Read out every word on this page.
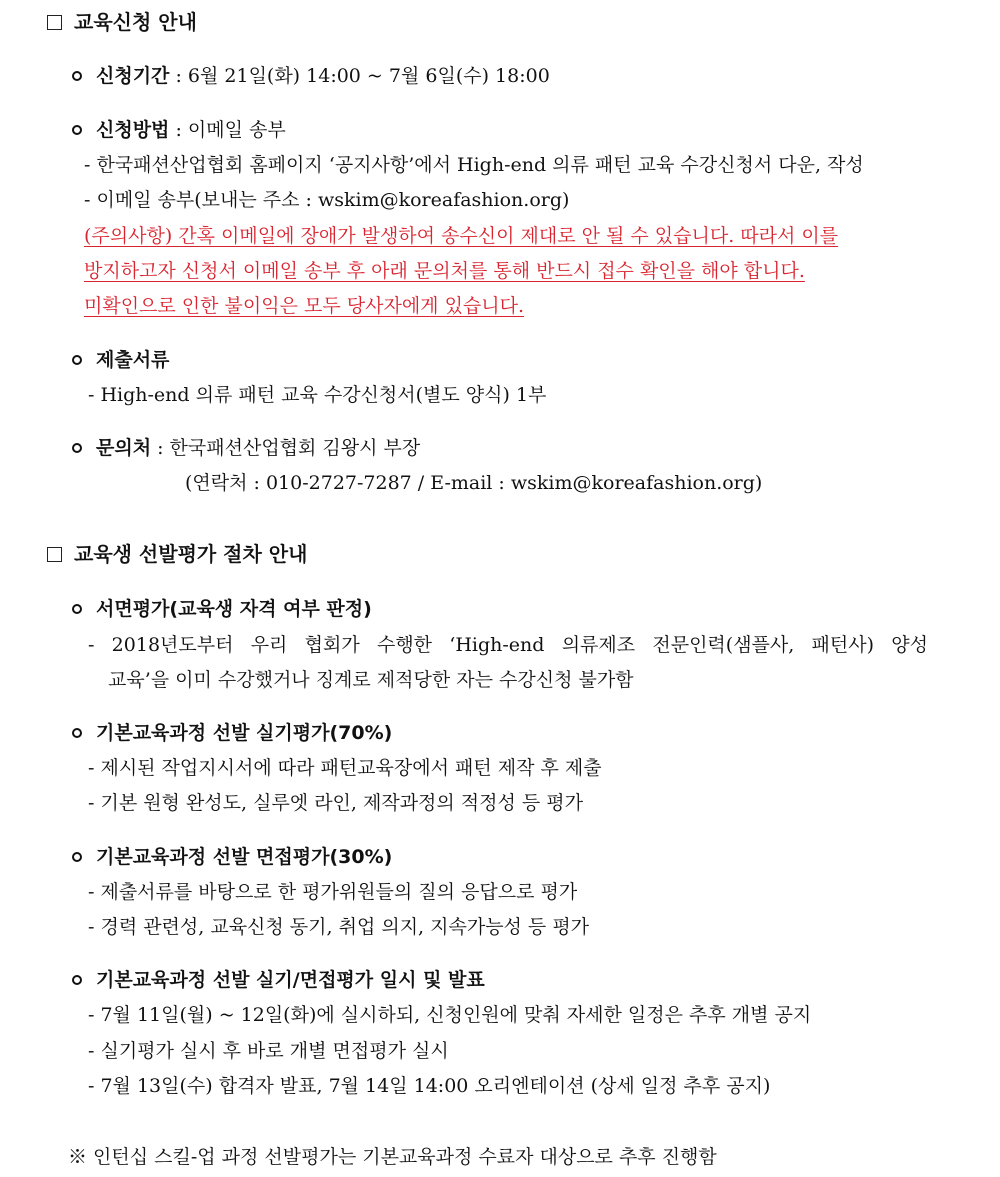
교육신청 안내
신청기간 : 6월 21일(화) 14:00 ~ 7월 6일(수) 18:00
신청방법 : 이메일 송부
- 한국패션산업협회 홈페이지 ‘공지사항’에서 High-end 의류 패턴 교육 수강신청서 다운, 작성
- 이메일 송부(보내는 주소 : wskim@koreafashion.org)
(주의사항) 간혹 이메일에 장애가 발생하여 송수신이 제대로 안 될 수 있습니다. 따라서 이를
방지하고자 신청서 이메일 송부 후 아래 문의처를 통해 반드시 접수 확인을 해야 합니다.
미확인으로 인한 불이익은 모두 당사자에게 있습니다.
제출서류
- High-end 의류 패턴 교육 수강신청서(별도 양식) 1부
문의처 : 한국패션산업협회 김왕시 부장
(연락처 : 010-2727-7287 / E-mail : wskim@koreafashion.org)
교육생 선발평가 절차 안내
서면평가(교육생 자격 여부 판정)
- 2018년도부터 우리 협회가 수행한 ‘High-end 의류제조 전문인력(샘플사, 패턴사) 양성
교육’을 이미 수강했거나 징계로 제적당한 자는 수강신청 불가함
기본교육과정 선발 실기평가(70%)
- 제시된 작업지시서에 따라 패턴교육장에서 패턴 제작 후 제출
- 기본 원형 완성도, 실루엣 라인, 제작과정의 적정성 등 평가
기본교육과정 선발 면접평가(30%)
- 제출서류를 바탕으로 한 평가위원들의 질의 응답으로 평가
- 경력 관련성, 교육신청 동기, 취업 의지, 지속가능성 등 평가
기본교육과정 선발 실기/면접평가 일시 및 발표
- 7월 11일(월) ~ 12일(화)에 실시하되, 신청인원에 맞춰 자세한 일정은 추후 개별 공지
- 실기평가 실시 후 바로 개별 면접평가 실시
- 7월 13일(수) 합격자 발표, 7월 14일 14:00 오리엔테이션 (상세 일정 추후 공지)
※ 인턴십 스킬-업 과정 선발평가는 기본교육과정 수료자 대상으로 추후 진행함
